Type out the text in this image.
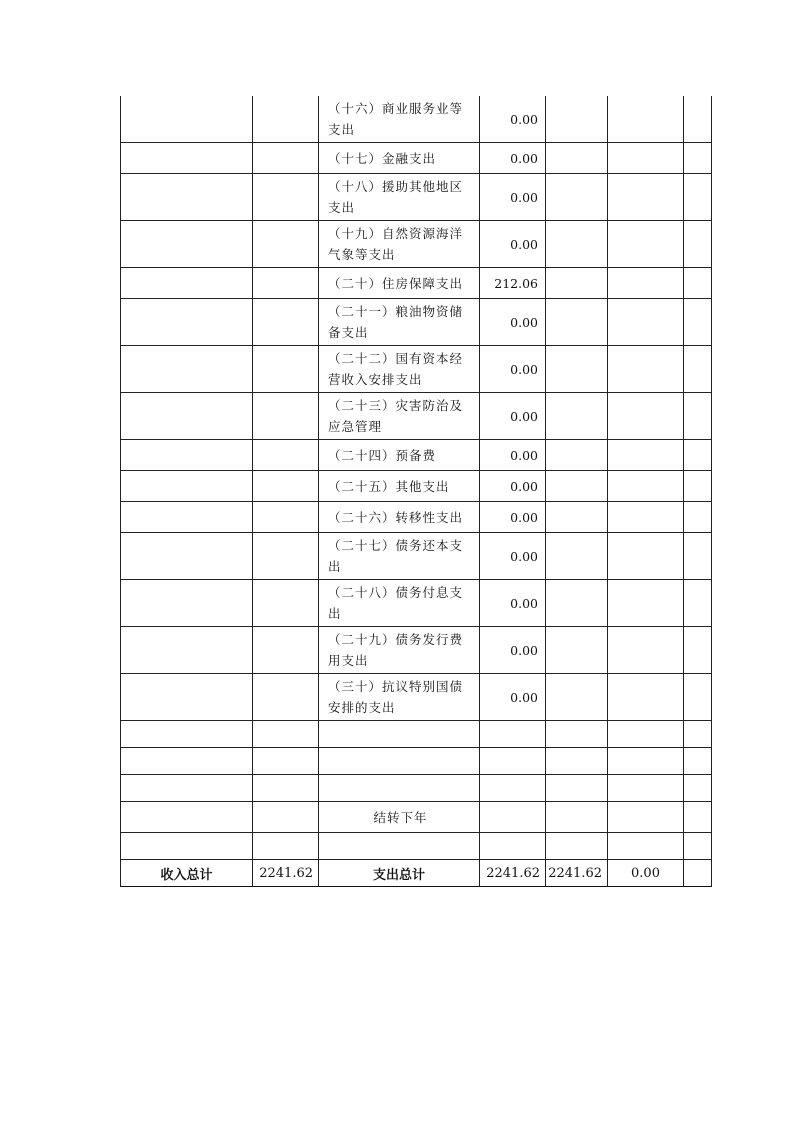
		（十六）商业服务业等支出	0.00			
		（十七）金融支出	0.00			
		（十八）援助其他地区支出	0.00			
		（十九）自然资源海洋气象等支出	0.00			
		（二十）住房保障支出	212.06			
		（二十一）粮油物资储备支出	0.00			
		（二十二）国有资本经营收入安排支出	0.00			
		（二十三）灾害防治及应急管理	0.00			
		（二十四）预备费	0.00			
		（二十五）其他支出	0.00			
		（二十六）转移性支出	0.00			
		（二十七）债务还本支出	0.00			
		（二十八）债务付息支出	0.00			
		（二十九）债务发行费用支出	0.00			
		（三十）抗议特别国债安排的支出	0.00			

		结转下年				

收入总计	2241.62	支出总计	2241.62	2241.62	0.00	
